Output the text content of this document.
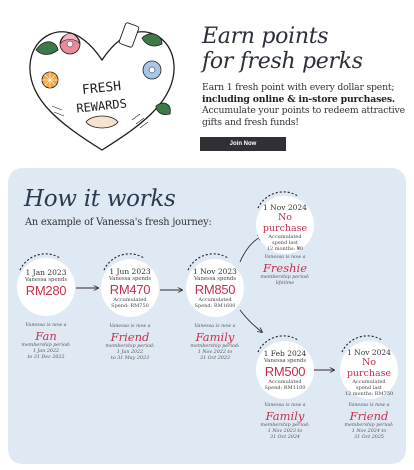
FRESH
REWARDS
Earn points
for fresh perks
Earn 1 fresh point with every dollar spent; including online & in-store purchases. Accumulate your points to redeem attractive gifts and fresh funds!
Join Now
How it works
An example of Vanessa's fresh journey:
1 Jan 2023
Vanessa spends
RM280
Vanessa is now a
Fan
membership period:
1 Jan 2022
to 31 Dec 2022
1 Jun 2023
Vanessa spends
RM470
Accumulated
Spend: RM750
Vanessa is now a
Friend
membership period:
1 Jun 2022
to 31 May 2023
1 Nov 2023
Vanessa spends
RM850
Accumulated
Spend: RM1600
Vanessa is now a
Family
membership period:
1 Nov 2022 to
31 Oct 2023
1 Nov 2024
No purchase
Accumulated
spend last
12 months: ₦0
Vanessa is now a
Freshie
membership period:
lifetime
1 Feb 2024
Vanessa spends
RM500
Accumulated
Spend: RM1100
Vanessa is now a
Family
membership period:
1 Nov 2023 to
31 Oct 2024
1 Nov 2024
No purchase
Accumulated
spend last
12 months: RM750
Vanessa is now a
Friend
membership period:
1 Nov 2024 to
31 Oct 2025
